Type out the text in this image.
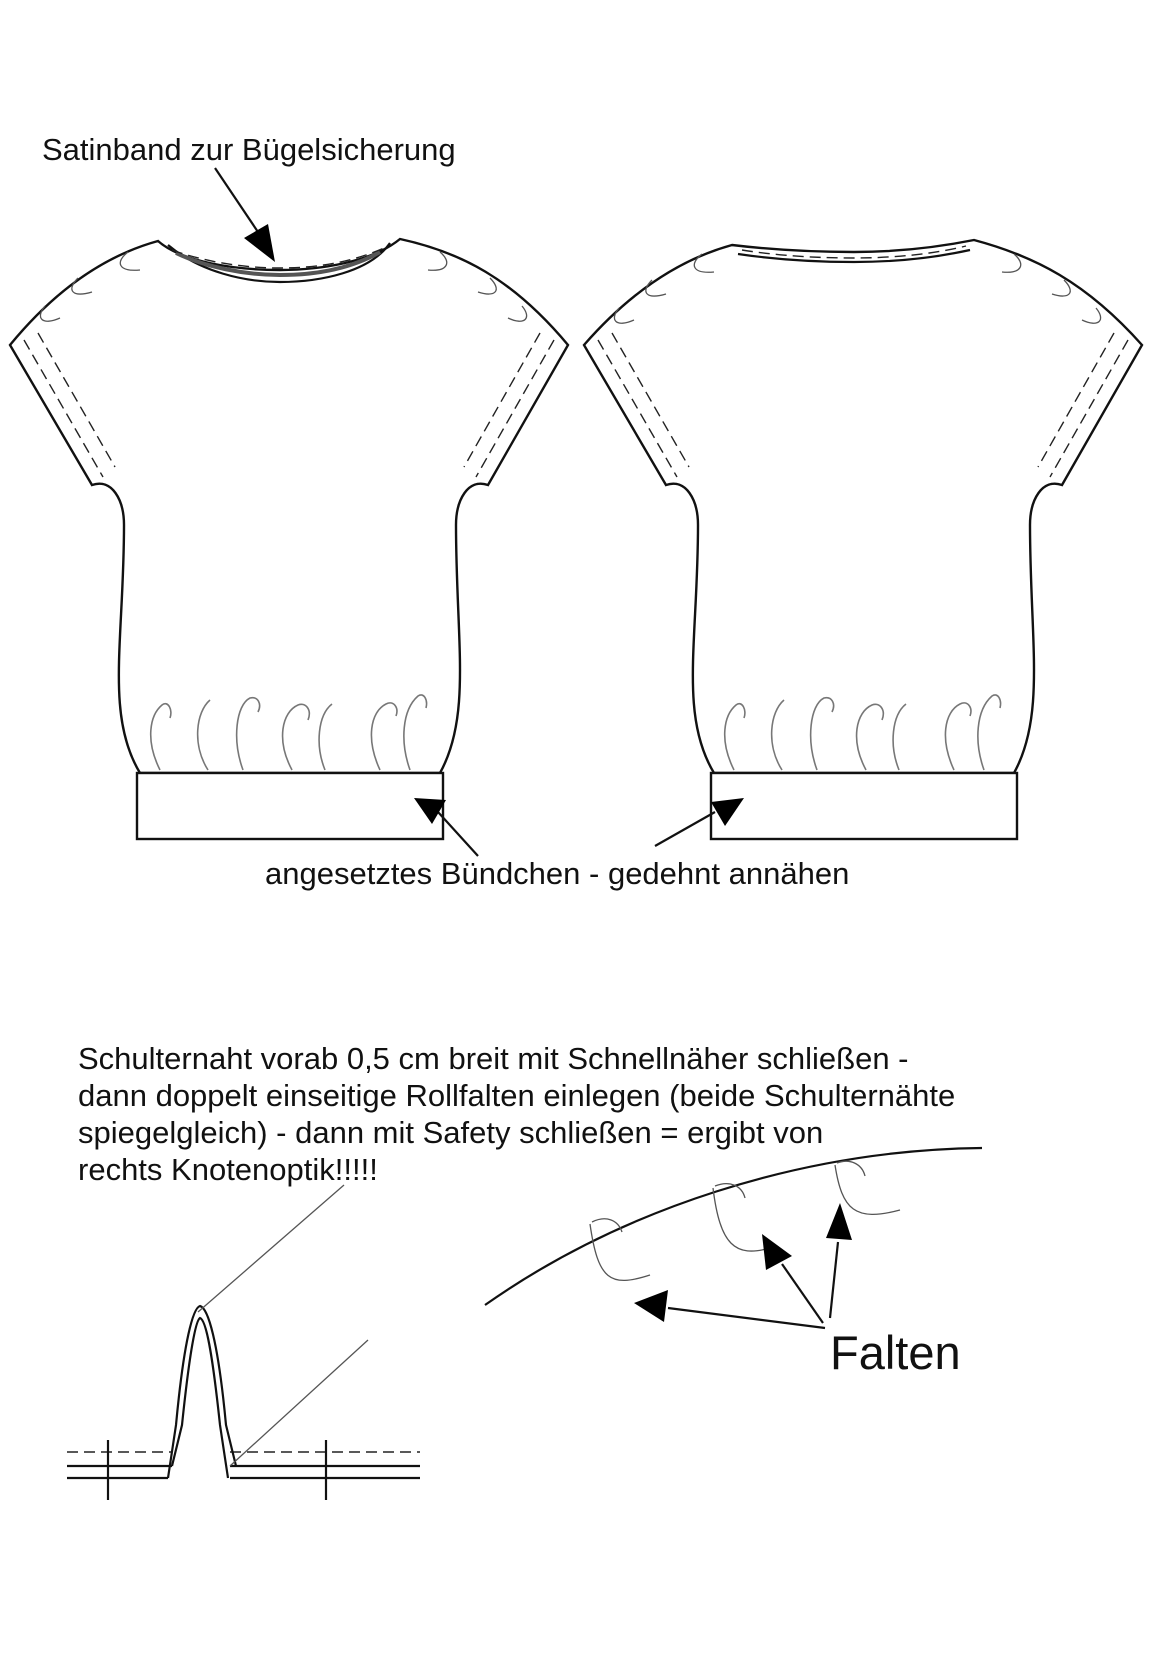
Satinband zur Bügelsicherung

angesetztes Bündchen - gedehnt annähen

Schulternaht vorab 0,5 cm breit mit Schnellnäher schließen -
dann doppelt einseitige Rollfalten einlegen (beide Schulternähte
spiegelgleich) - dann mit Safety schließen = ergibt von
rechts Knotenoptik!!!!!

Falten
